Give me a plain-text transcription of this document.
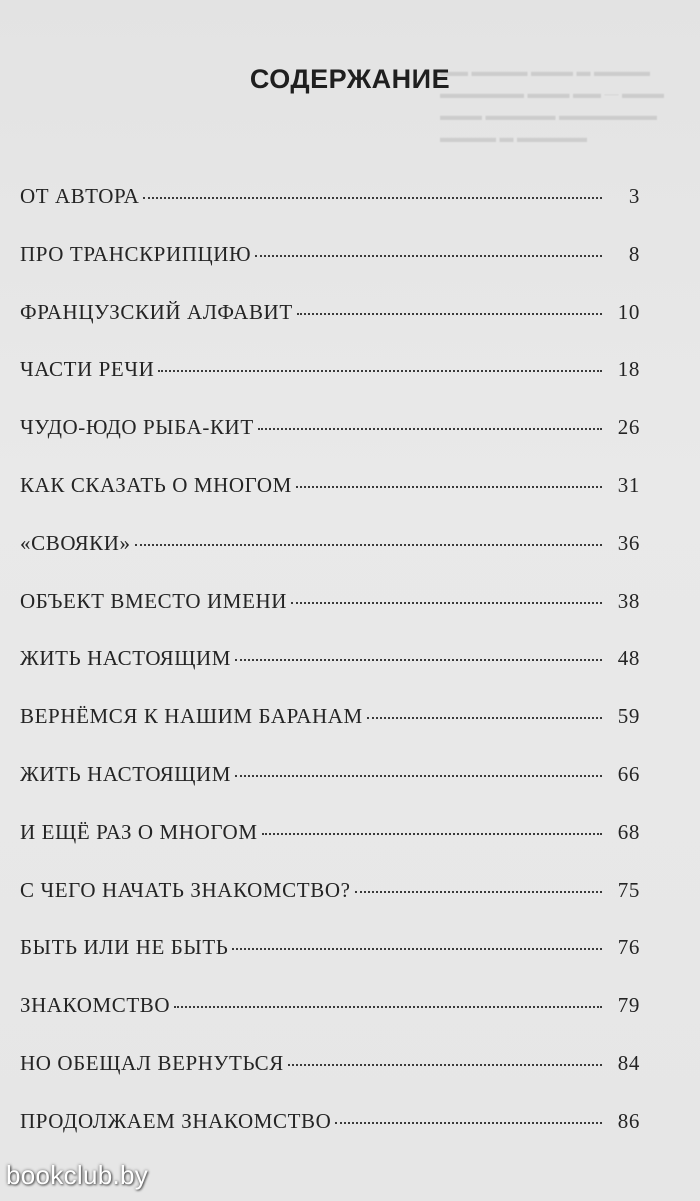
▬▬ ▬▬▬▬ ▬▬▬ ▬ ▬▬▬▬
▬▬▬▬▬▬ ▬▬▬ ▬▬ — ▬▬▬
▬▬▬ ▬▬▬▬▬ ▬▬▬▬▬▬▬
▬▬▬▬ ▬ ▬▬▬▬▬
СОДЕРЖАНИЕ
ОТ АВТОРА	3
ПРО ТРАНСКРИПЦИЮ	8
ФРАНЦУЗСКИЙ АЛФАВИТ	10
ЧАСТИ РЕЧИ	18
ЧУДО-ЮДО РЫБА-КИТ	26
КАК СКАЗАТЬ О МНОГОМ	31
«СВОЯКИ»	36
ОБЪЕКТ ВМЕСТО ИМЕНИ	38
ЖИТЬ НАСТОЯЩИМ	48
ВЕРНЁМСЯ К НАШИМ БАРАНАМ	59
ЖИТЬ НАСТОЯЩИМ	66
И ЕЩЁ РАЗ О МНОГОМ	68
С ЧЕГО НАЧАТЬ ЗНАКОМСТВО?	75
БЫТЬ ИЛИ НЕ БЫТЬ	76
ЗНАКОМСТВО	79
НО ОБЕЩАЛ ВЕРНУТЬСЯ	84
ПРОДОЛЖАЕМ ЗНАКОМСТВО	86
bookclub.by
